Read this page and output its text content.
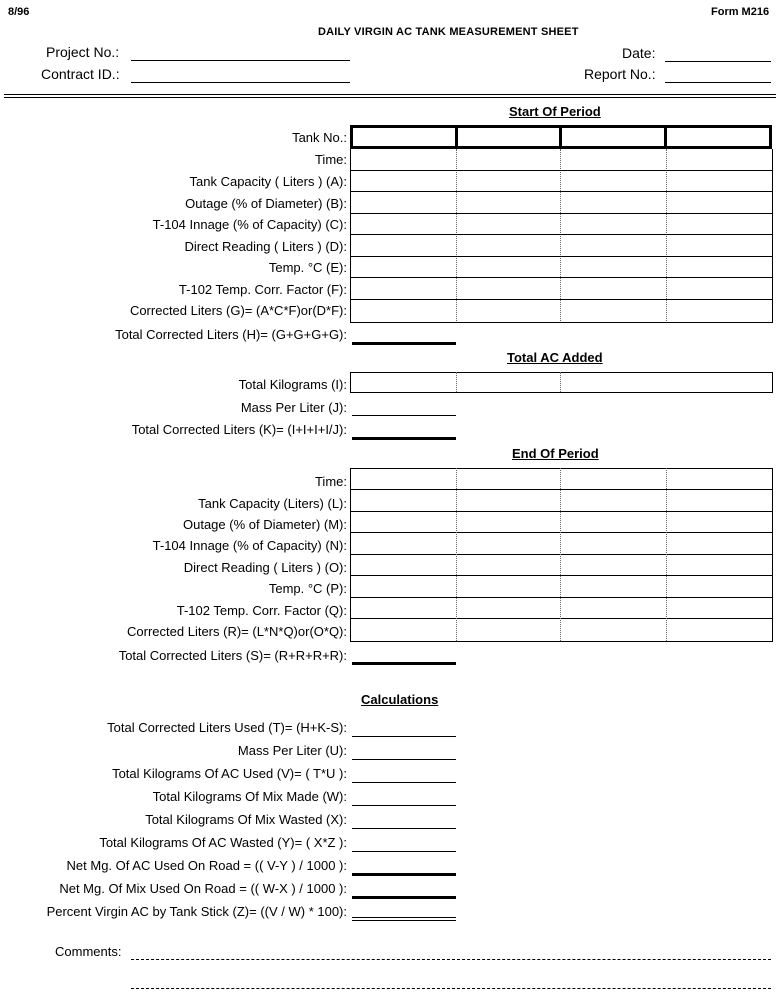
8/96	Form M216
DAILY VIRGIN AC TANK MEASUREMENT SHEET
Project No.:
Contract ID.:
Date:
Report No.:
Start Of Period
Tank No.:
Time:
Tank Capacity ( Liters ) (A):
Outage (% of Diameter) (B):
T-104 Innage (% of Capacity) (C):
Direct Reading ( Liters ) (D):
Temp. °C (E):
T-102 Temp. Corr. Factor (F):
Corrected Liters (G)= (A*C*F)or(D*F):
Total Corrected Liters (H)= (G+G+G+G):
Total AC Added
Total Kilograms (I):
Mass Per Liter (J):
Total Corrected Liters (K)= (I+I+I+I/J):
End Of Period
Time:
Tank Capacity (Liters) (L):
Outage (% of Diameter) (M):
T-104 Innage (% of Capacity) (N):
Direct Reading ( Liters ) (O):
Temp. °C (P):
T-102 Temp. Corr. Factor (Q):
Corrected Liters (R)= (L*N*Q)or(O*Q):
Total Corrected Liters (S)= (R+R+R+R):
Calculations
Total Corrected Liters Used (T)= (H+K-S):
Mass Per Liter (U):
Total Kilograms Of AC Used (V)= ( T*U ):
Total Kilograms Of Mix Made (W):
Total Kilograms Of Mix Wasted (X):
Total Kilograms Of AC Wasted (Y)= ( X*Z ):
Net Mg. Of AC Used On Road = (( V-Y ) / 1000 ):
Net Mg. Of Mix Used On Road = (( W-X ) / 1000 ):
Percent Virgin AC by Tank Stick (Z)= ((V / W) * 100):
Comments:
